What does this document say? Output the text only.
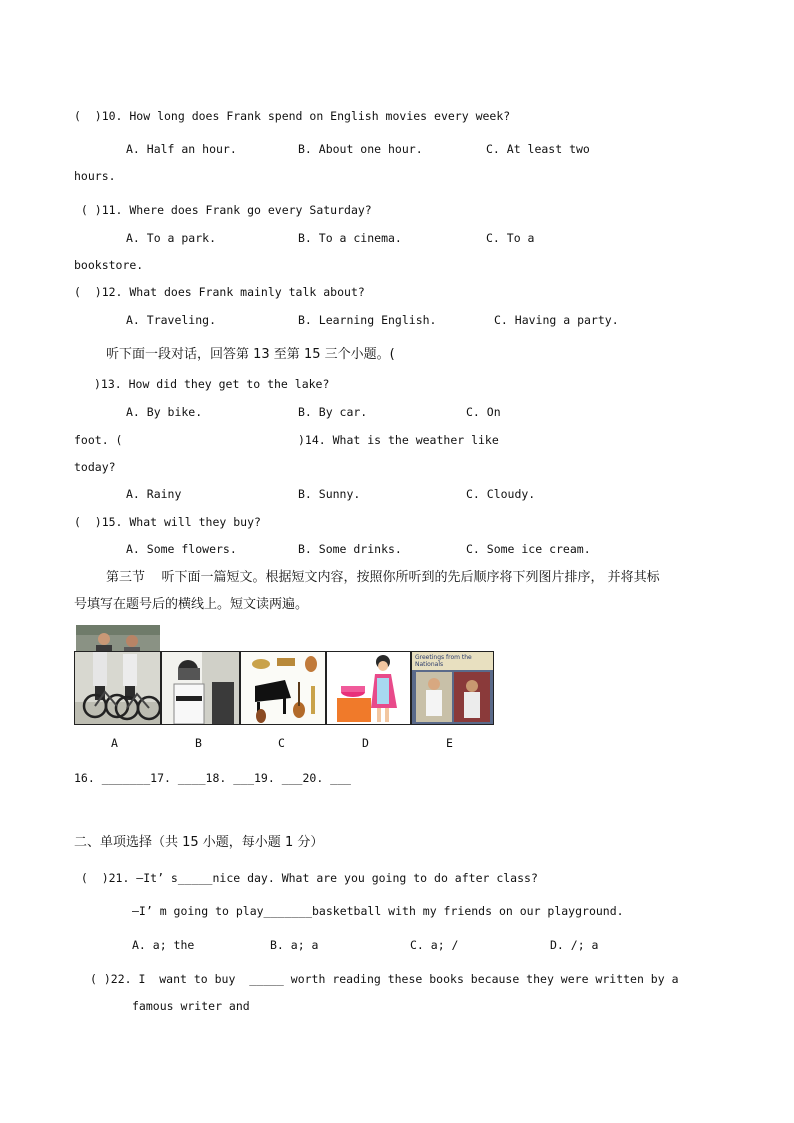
(  )10. How long does Frank spend on English movies every week?
A. Half an hour.	B. About one hour.	C. At least two
hours.
( )11. Where does Frank go every Saturday?
A. To a park.	B. To a cinema.	C. To a
bookstore.
(  )12. What does Frank mainly talk about?
A. Traveling.	B. Learning English.	C. Having a party.
听下面一段对话，回答第 13 至第 15 三个小题。(
)13. How did they get to the lake?
A. By bike.	B. By car.	C. On
foot. (	)14. What is the weather like
today?
A. Rainy	B. Sunny.	C. Cloudy.
(  )15. What will they buy?
A. Some flowers.	B. Some drinks.	C. Some ice cream.
第三节    听下面一篇短文。根据短文内容，按照你所听到的先后顺序将下列图片排序， 并将其标
号填写在题号后的横线上。短文读两遍。
Greetings from the Nationals
A	B	C	D	E
16. _______17. ____18. ___19. ___20. ___
二、单项选择（共 15 小题，每小题 1 分）
(  )21. —It’ s_____nice day. What are you going to do after class?
—I’ m going to play_______basketball with my friends on our playground.
A. a; the	B. a; a	C. a; /	D. /; a
( )22. I  want to buy  _____ worth reading these books because they were written by a
famous writer and
